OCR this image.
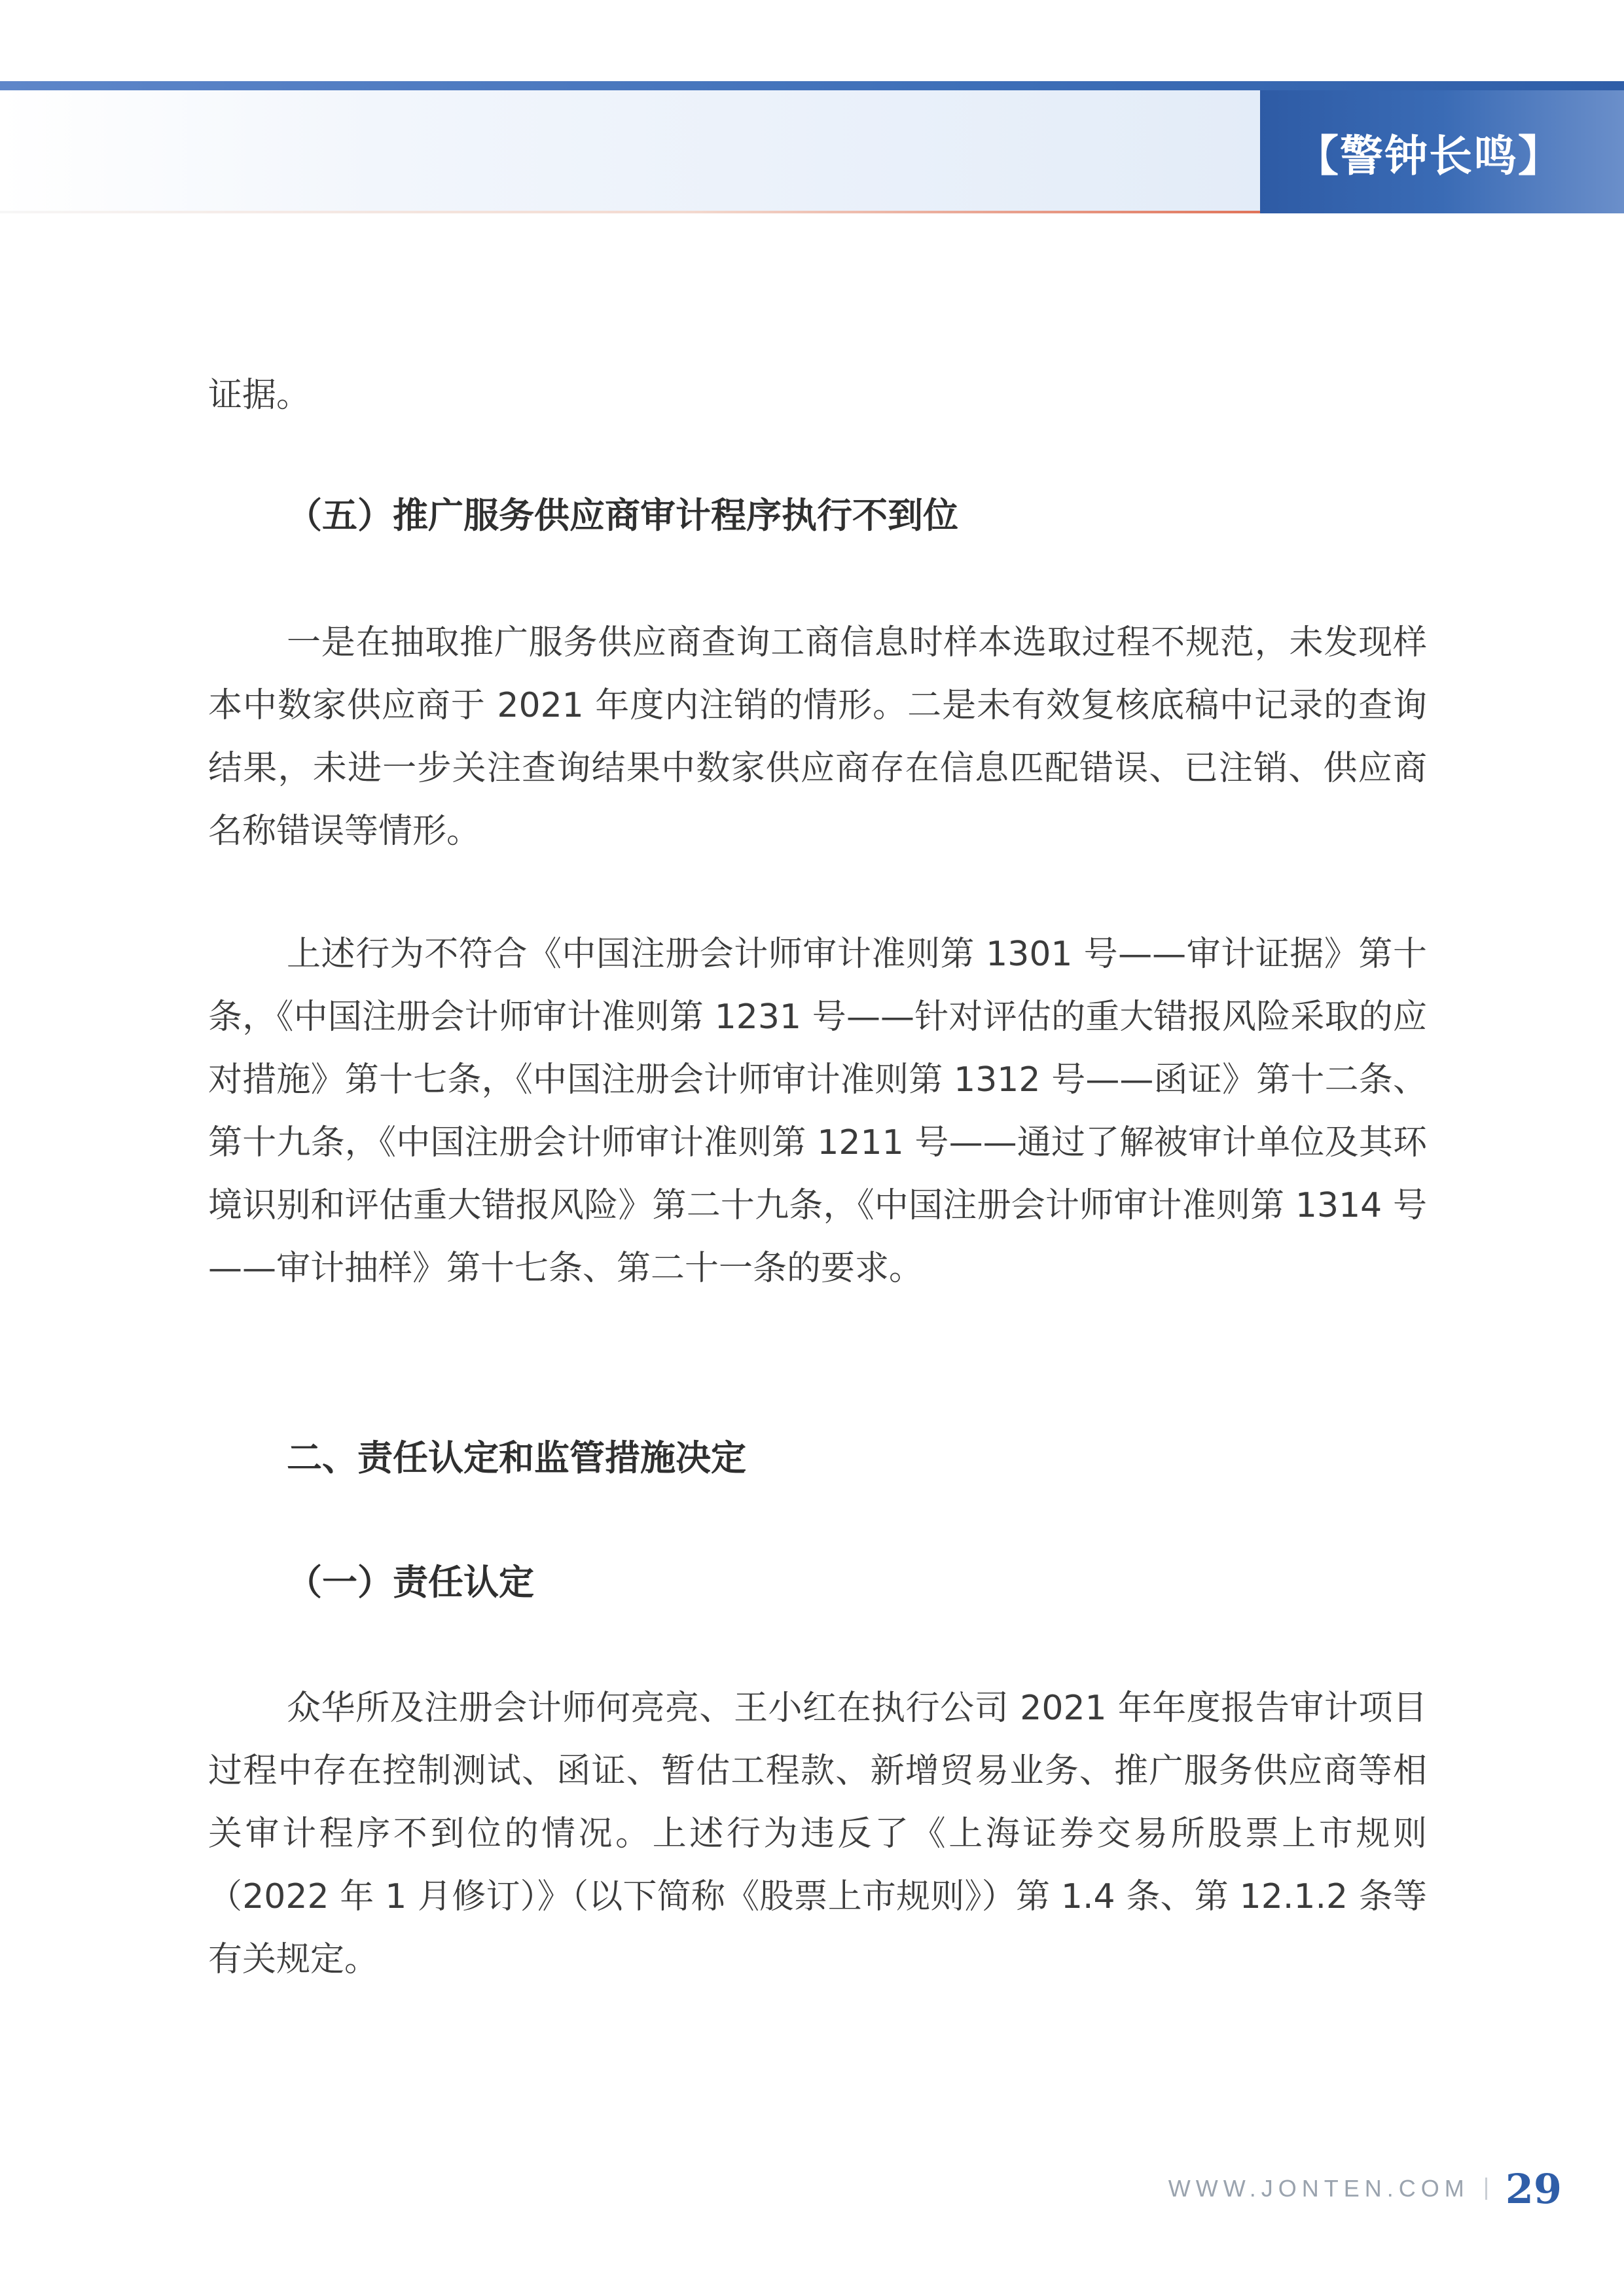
【警钟长鸣】
证据。
（五）推广服务供应商审计程序执行不到位
一是在抽取推广服务供应商查询工商信息时样本选取过程不规范，未发现样本中数家供应商于 2021 年度内注销的情形。二是未有效复核底稿中记录的查询结果，未进一步关注查询结果中数家供应商存在信息匹配错误、已注销、供应商名称错误等情形。
上述行为不符合《中国注册会计师审计准则第 1301 号——审计证据》第十条，《中国注册会计师审计准则第 1231 号——针对评估的重大错报风险采取的应对措施》第十七条，《中国注册会计师审计准则第 1312 号——函证》第十二条、第十九条，《中国注册会计师审计准则第 1211 号——通过了解被审计单位及其环境识别和评估重大错报风险》第二十九条，《中国注册会计师审计准则第 1314 号——审计抽样》第十七条、第二十一条的要求。
二、责任认定和监管措施决定
（一）责任认定
众华所及注册会计师何亮亮、王小红在执行公司 2021 年年度报告审计项目过程中存在控制测试、函证、暂估工程款、新增贸易业务、推广服务供应商等相关审计程序不到位的情况。上述行为违反了《上海证券交易所股票上市规则（2022 年 1 月修订）》（以下简称《股票上市规则》）第 1.4 条、第 12.1.2 条等有关规定。
WWW.JONTEN.COM 29
